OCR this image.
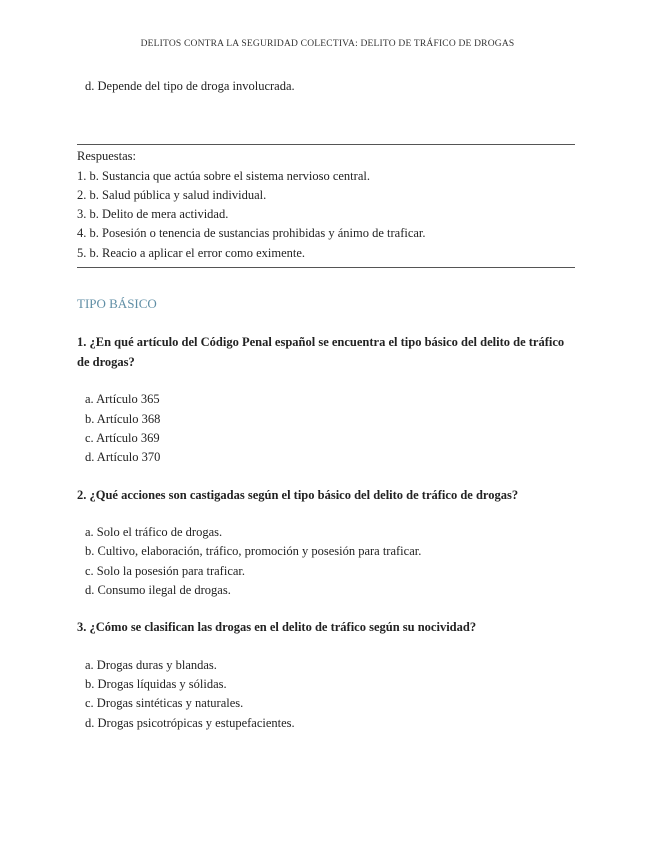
DELITOS CONTRA LA SEGURIDAD COLECTIVA: DELITO DE TRÁFICO DE DROGAS
d. Depende del tipo de droga involucrada.
Respuestas:
1. b. Sustancia que actúa sobre el sistema nervioso central.
2. b. Salud pública y salud individual.
3. b. Delito de mera actividad.
4. b. Posesión o tenencia de sustancias prohibidas y ánimo de traficar.
5. b. Reacio a aplicar el error como eximente.
TIPO BÁSICO
1. ¿En qué artículo del Código Penal español se encuentra el tipo básico del delito de tráfico de drogas?
a. Artículo 365
b. Artículo 368
c. Artículo 369
d. Artículo 370
2. ¿Qué acciones son castigadas según el tipo básico del delito de tráfico de drogas?
a. Solo el tráfico de drogas.
b. Cultivo, elaboración, tráfico, promoción y posesión para traficar.
c. Solo la posesión para traficar.
d. Consumo ilegal de drogas.
3. ¿Cómo se clasifican las drogas en el delito de tráfico según su nocividad?
a. Drogas duras y blandas.
b. Drogas líquidas y sólidas.
c. Drogas sintéticas y naturales.
d. Drogas psicotrópicas y estupefacientes.
